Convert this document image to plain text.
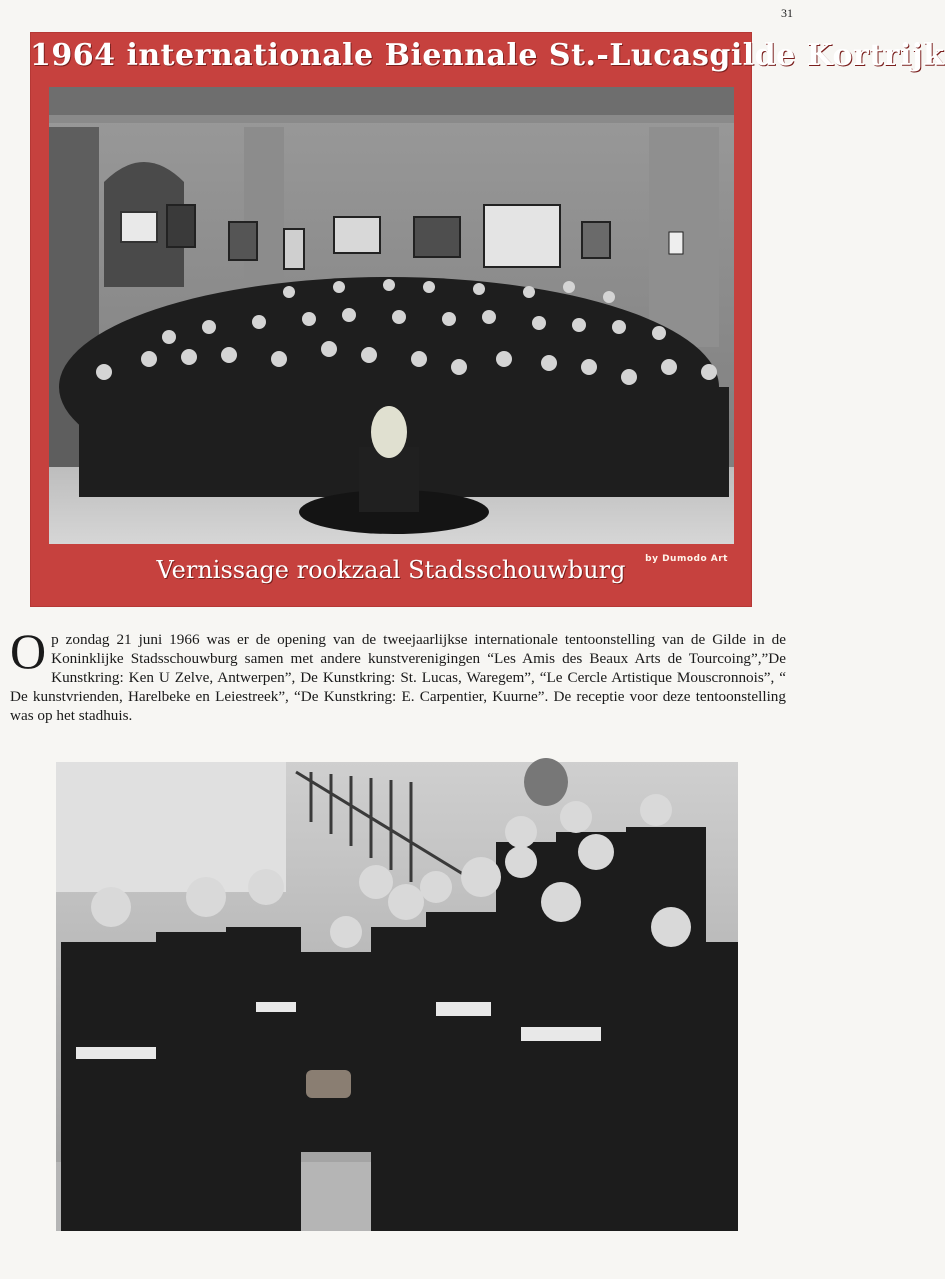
31
1964 internationale Biennale St.-Lucasgilde Kortrijk
Vernissage rookzaal Stadsschouwburg	by Dumodo Art
Op zondag 21 juni 1966 was er de opening van de tweejaarlijkse internationale tentoonstelling van de Gilde in de Koninklijke Stadsschouwburg samen met andere kunstverenigingen “Les Amis des Beaux Arts de Tourcoing”,”De Kunstkring: Ken U Zelve, Antwerpen”, De Kunstkring: St. Lucas, Waregem”, “Le Cercle Artistique Mouscronnois”, “ De kunstvrienden, Harelbeke en Leiestreek”, “De Kunstkring: E. Carpentier, Kuurne”. De receptie voor deze tentoonstelling was op het stadhuis.
